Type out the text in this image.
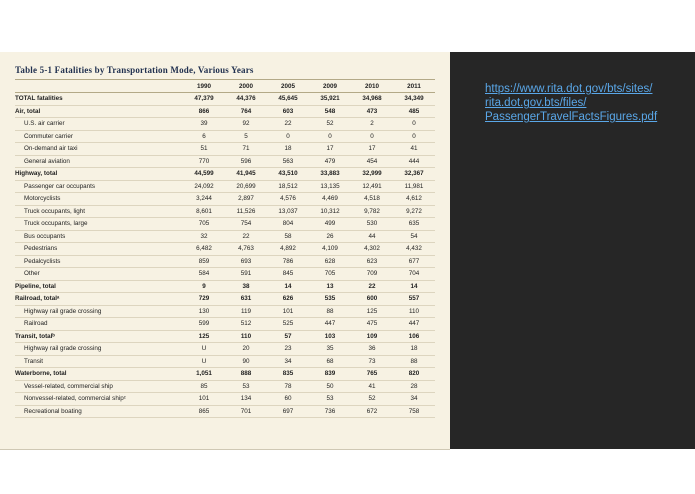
Table 5-1 Fatalities by Transportation Mode, Various Years
	1990	2000	2005	2009	2010	2011
TOTAL fatalities	47,379	44,376	45,645	35,921	34,968	34,349
Air, total	866	764	603	548	473	485
U.S. air carrier	39	92	22	52	2	0
Commuter carrier	6	5	0	0	0	0
On-demand air taxi	51	71	18	17	17	41
General aviation	770	596	563	479	454	444
Highway, total	44,599	41,945	43,510	33,883	32,999	32,367
Passenger car occupants	24,092	20,699	18,512	13,135	12,491	11,981
Motorcyclists	3,244	2,897	4,576	4,469	4,518	4,612
Truck occupants, light	8,601	11,526	13,037	10,312	9,782	9,272
Truck occupants, large	705	754	804	499	530	635
Bus occupants	32	22	58	26	44	54
Pedestrians	6,482	4,763	4,892	4,109	4,302	4,432
Pedalcyclists	859	693	786	628	623	677
Other	584	591	845	705	709	704
Pipeline, total	9	38	14	13	22	14
Railroad, totalᵃ	729	631	626	535	600	557
Highway rail grade crossing	130	119	101	88	125	110
Railroad	599	512	525	447	475	447
Transit, totalᵇ	125	110	57	103	109	106
Highway rail grade crossing	U	20	23	35	36	18
Transit	U	90	34	68	73	88
Waterborne, total	1,051	888	835	839	765	820
Vessel-related, commercial ship	85	53	78	50	41	28
Nonvessel-related, commercial shipᶜ	101	134	60	53	52	34
Recreational boating	865	701	697	736	672	758
https://www.rita.dot.gov/bts/sites/
rita.dot.gov.bts/files/
PassengerTravelFactsFigures.pdf
